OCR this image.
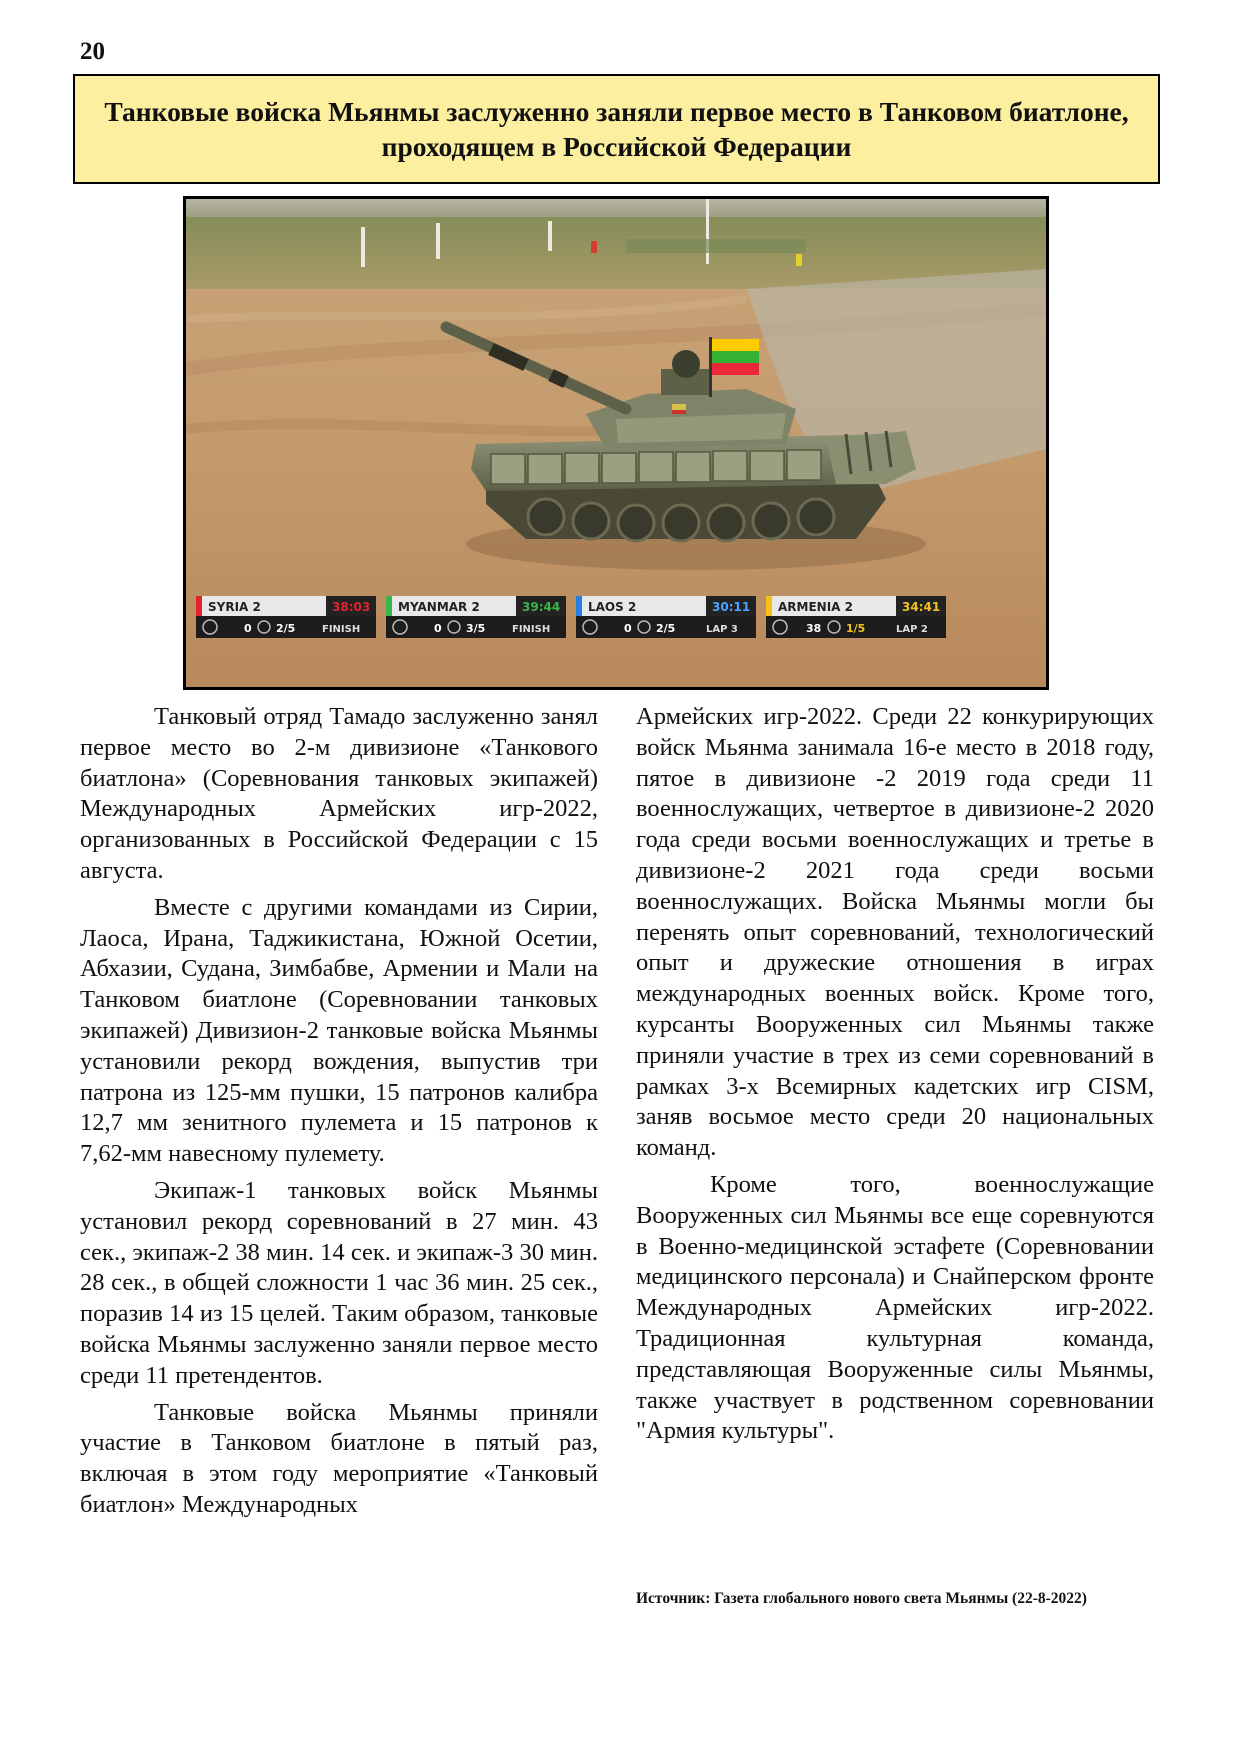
20
Танковые войска Мьянмы заслуженно заняли первое место в Танковом биатлоне, проходящем в Российской Федерации
SYRIA 2	38:03
0 2/5	FINISH
MYANMAR 2	39:44
0 3/5	FINISH
LAOS 2	30:11
0 2/5	LAP 3
ARMENIA 2	34:41
38 1/5	LAP 2

Танковый отряд Тамадо заслуженно занял первое место во 2-м дивизионе «Танкового биатлона» (Соревнования танковых экипажей) Международных Армейских игр-2022, организованных в Российской Федерации с 15 августа.

Вместе с другими командами из Сирии, Лаоса, Ирана, Таджикистана, Южной Осетии, Абхазии, Судана, Зимбабве, Армении и Мали на Танковом биатлоне (Соревновании танковых экипажей) Дивизион-2 танковые войска Мьянмы установили рекорд вождения, выпустив три патрона из 125-мм пушки, 15 патронов калибра 12,7 мм зенитного пулемета и 15 патронов к 7,62-мм навесному пулемету.

Экипаж-1 танковых войск Мьянмы установил рекорд соревнований в 27 мин. 43 сек., экипаж-2 38 мин. 14 сек. и экипаж-3 30 мин. 28 сек., в общей сложности 1 час 36 мин. 25 сек., поразив 14 из 15 целей. Таким образом, танковые войска Мьянмы заслуженно заняли первое место среди 11 претендентов.

Танковые войска Мьянмы приняли участие в Танковом биатлоне в пятый раз, включая в этом году мероприятие «Танковый биатлон» Международных

Армейских игр-2022. Среди 22 конкурирующих войск Мьянма занимала 16-е место в 2018 году, пятое в дивизионе -2 2019 года среди 11 военнослужащих, четвертое в дивизионе-2 2020 года среди восьми военнослужащих и третье в дивизионе-2 2021 года среди восьми военнослужащих. Войска Мьянмы могли бы перенять опыт соревнований, технологический опыт и дружеские отношения в играх международных военных войск. Кроме того, курсанты Вооруженных сил Мьянмы также приняли участие в трех из семи соревнований в рамках 3-х Всемирных кадетских игр CISM, заняв восьмое место среди 20 национальных команд.

Кроме того, военнослужащие Вооруженных сил Мьянмы все еще соревнуются в Военно-медицинской эстафете (Соревновании медицинского персонала) и Снайперском фронте Международных Армейских игр-2022. Традиционная культурная команда, представляющая Вооруженные силы Мьянмы, также участвует в родственном соревновании "Армия культуры".

Источник: Газета глобального нового света Мьянмы (22-8-2022)
